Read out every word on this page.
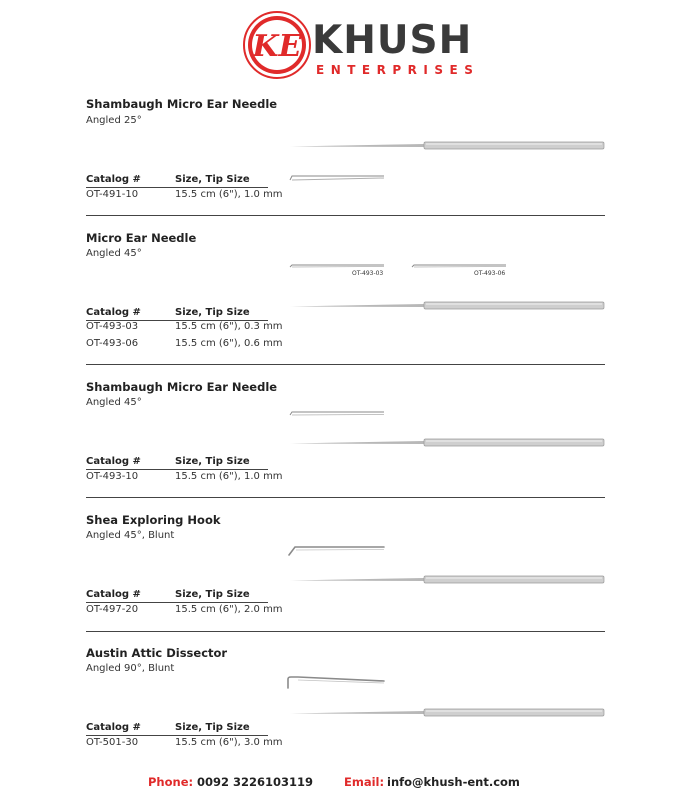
KE KHUSH
ENTERPRISES
Shambaugh Micro Ear Needle
Angled 25°
Catalog #	Size, Tip Size
OT-491-10	15.5 cm (6"), 1.0 mm
Micro Ear Needle
Angled 45°
OT-493-03	OT-493-06
Catalog #	Size, Tip Size
OT-493-03	15.5 cm (6"), 0.3 mm
OT-493-06	15.5 cm (6"), 0.6 mm
Shambaugh Micro Ear Needle
Angled 45°
Catalog #	Size, Tip Size
OT-493-10	15.5 cm (6"), 1.0 mm
Shea Exploring Hook
Angled 45°, Blunt
Catalog #	Size, Tip Size
OT-497-20	15.5 cm (6"), 2.0 mm
Austin Attic Dissector
Angled 90°, Blunt
Catalog #	Size, Tip Size
OT-501-30	15.5 cm (6"), 3.0 mm
Phone: 0092 3226103119	Email: info@khush-ent.com
